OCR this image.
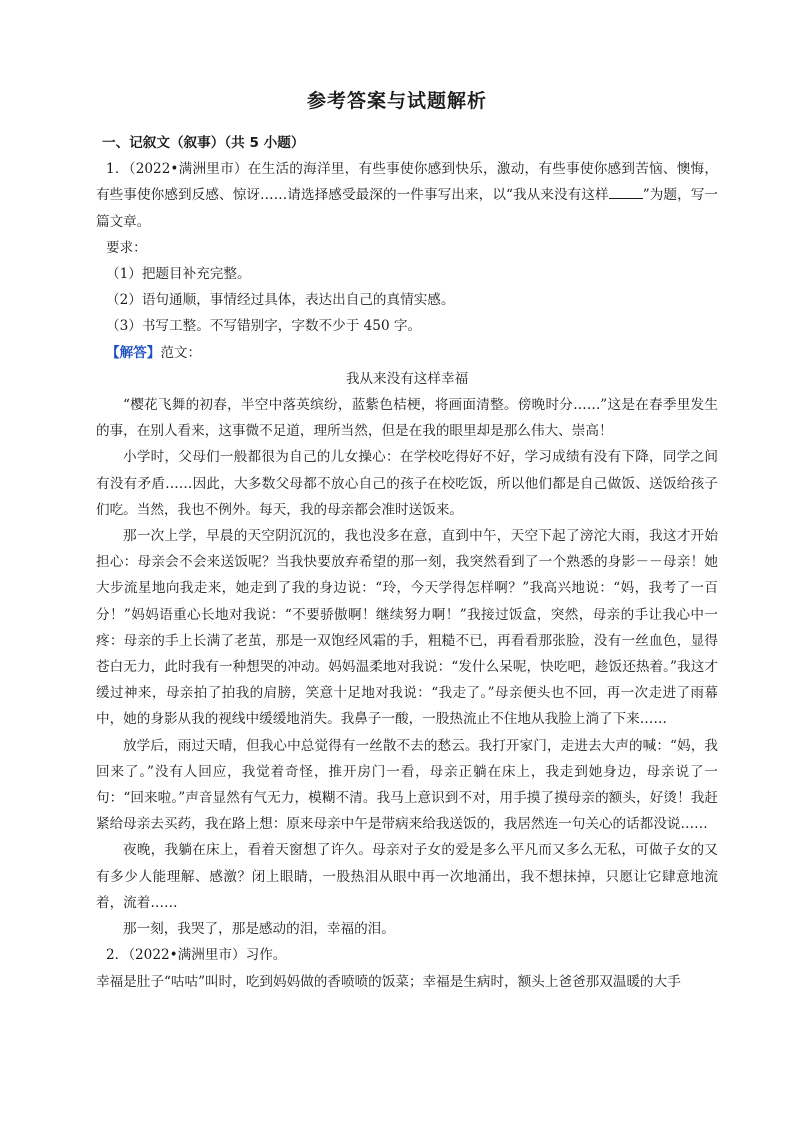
参考答案与试题解析

一、记叙文（叙事）（共 5 小题）

1．（2022•满洲里市）在生活的海洋里，有些事使你感到快乐，激动，有些事使你感到苦恼、懊悔，有些事使你感到反感、惊讶……请选择感受最深的一件事写出来，以“我从来没有这样	”为题，写一篇文章。

要求：

（1）把题目补充完整。

（2）语句通顺，事情经过具体，表达出自己的真情实感。

（3）书写工整。不写错别字，字数不少于 450 字。

【解答】范文：

我从来没有这样幸福

“樱花飞舞的初春，半空中落英缤纷，蓝紫色桔梗，将画面清整。傍晚时分……”这是在春季里发生的事，在别人看来，这事微不足道，理所当然，但是在我的眼里却是那么伟大、崇高！

小学时，父母们一般都很为自己的儿女操心：在学校吃得好不好，学习成绩有没有下降，同学之间有没有矛盾……因此，大多数父母都不放心自己的孩子在校吃饭，所以他们都是自己做饭、送饭给孩子们吃。当然，我也不例外。每天，我的母亲都会准时送饭来。

那一次上学，早晨的天空阴沉沉的，我也没多在意，直到中午，天空下起了滂沱大雨，我这才开始担心：母亲会不会来送饭呢？当我快要放弃希望的那一刻，我突然看到了一个熟悉的身影－－母亲！她大步流星地向我走来，她走到了我的身边说：“玲，今天学得怎样啊？”我高兴地说：“妈，我考了一百分！”妈妈语重心长地对我说：“不要骄傲啊！继续努力啊！”我接过饭盒，突然，母亲的手让我心中一疼：母亲的手上长满了老茧，那是一双饱经风霜的手，粗糙不已，再看看那张脸，没有一丝血色，显得苍白无力，此时我有一种想哭的冲动。妈妈温柔地对我说：“发什么呆呢，快吃吧，趁饭还热着。”我这才缓过神来，母亲拍了拍我的肩膀，笑意十足地对我说：“我走了。”母亲便头也不回，再一次走进了雨幕中，她的身影从我的视线中缓缓地消失。我鼻子一酸，一股热流止不住地从我脸上淌了下来……

放学后，雨过天晴，但我心中总觉得有一丝散不去的愁云。我打开家门，走进去大声的喊：“妈，我回来了。”没有人回应，我觉着奇怪，推开房门一看，母亲正躺在床上，我走到她身边，母亲说了一句：“回来啦。”声音显然有气无力，模糊不清。我马上意识到不对，用手摸了摸母亲的额头，好烫！我赶紧给母亲去买药，我在路上想：原来母亲中午是带病来给我送饭的，我居然连一句关心的话都没说……

夜晚，我躺在床上，看着天窗想了许久。母亲对子女的爱是多么平凡而又多么无私，可做子女的又有多少人能理解、感激？闭上眼睛，一股热泪从眼中再一次地涌出，我不想抹掉，只愿让它肆意地流着，流着……

那一刻，我哭了，那是感动的泪，幸福的泪。

2．（2022•满洲里市）习作。

幸福是肚子“咕咕”叫时，吃到妈妈做的香喷喷的饭菜；幸福是生病时，额头上爸爸那双温暖的大手
